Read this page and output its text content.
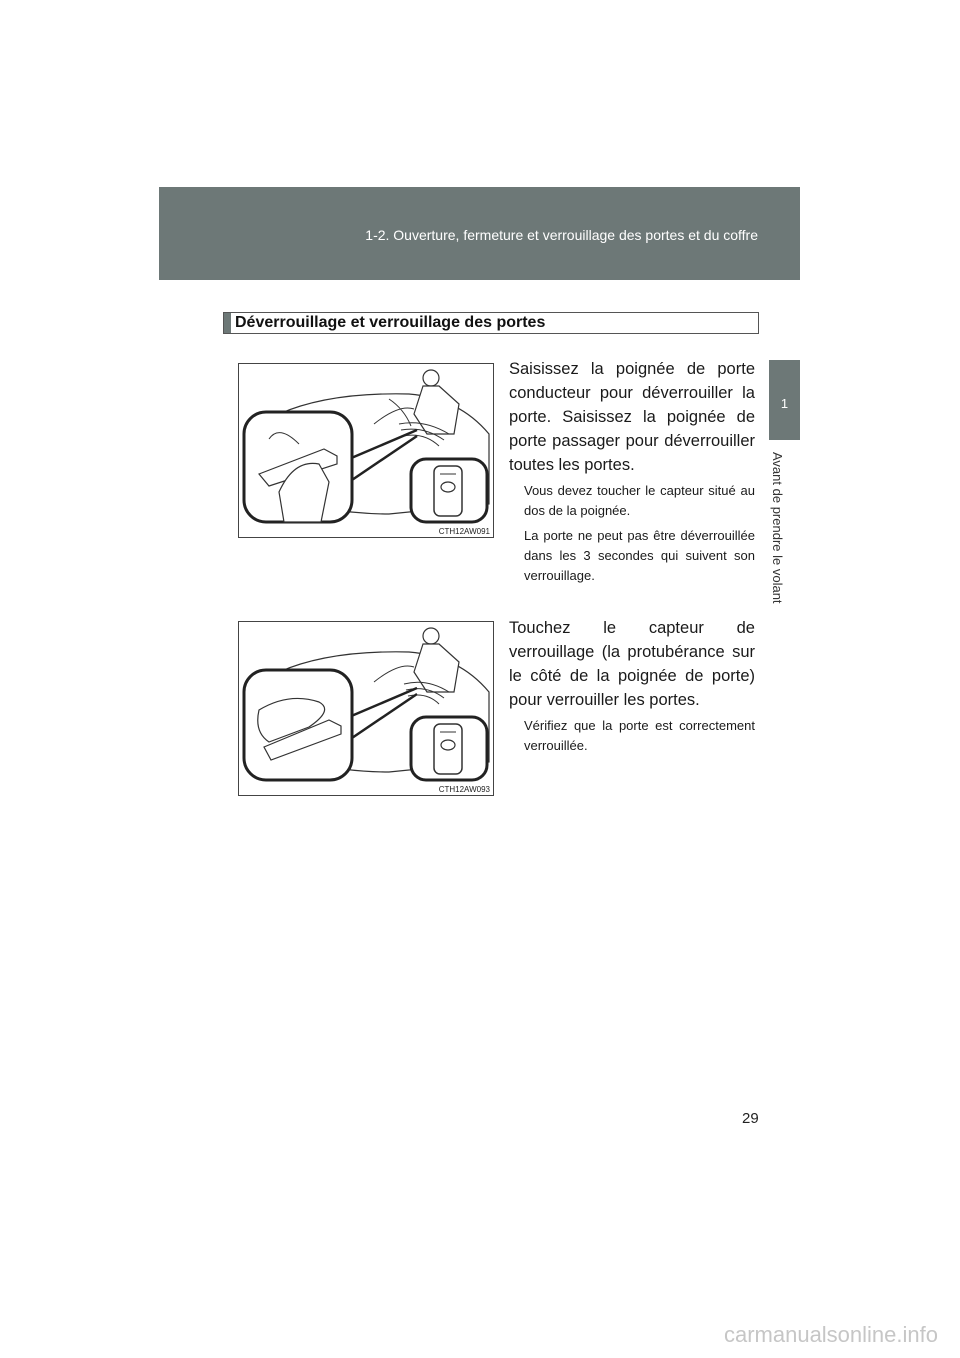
1-2. Ouverture, fermeture et verrouillage des portes et du coffre
1
Avant de prendre le volant
Déverrouillage et verrouillage des portes
CTH12AW091
Saisissez la poignée de porte conducteur pour déverrouiller la porte. Saisissez la poignée de porte passager pour déverrouiller toutes les portes.
Vous devez toucher le capteur situé au dos de la poignée.
La porte ne peut pas être déverrouillée dans les 3 secondes qui suivent son verrouillage.
CTH12AW093
Touchez le capteur de verrouillage (la protubérance sur le côté de la poignée de porte) pour verrouiller les portes.
Vérifiez que la porte est correctement verrouillée.
29
carmanualsonline.info
